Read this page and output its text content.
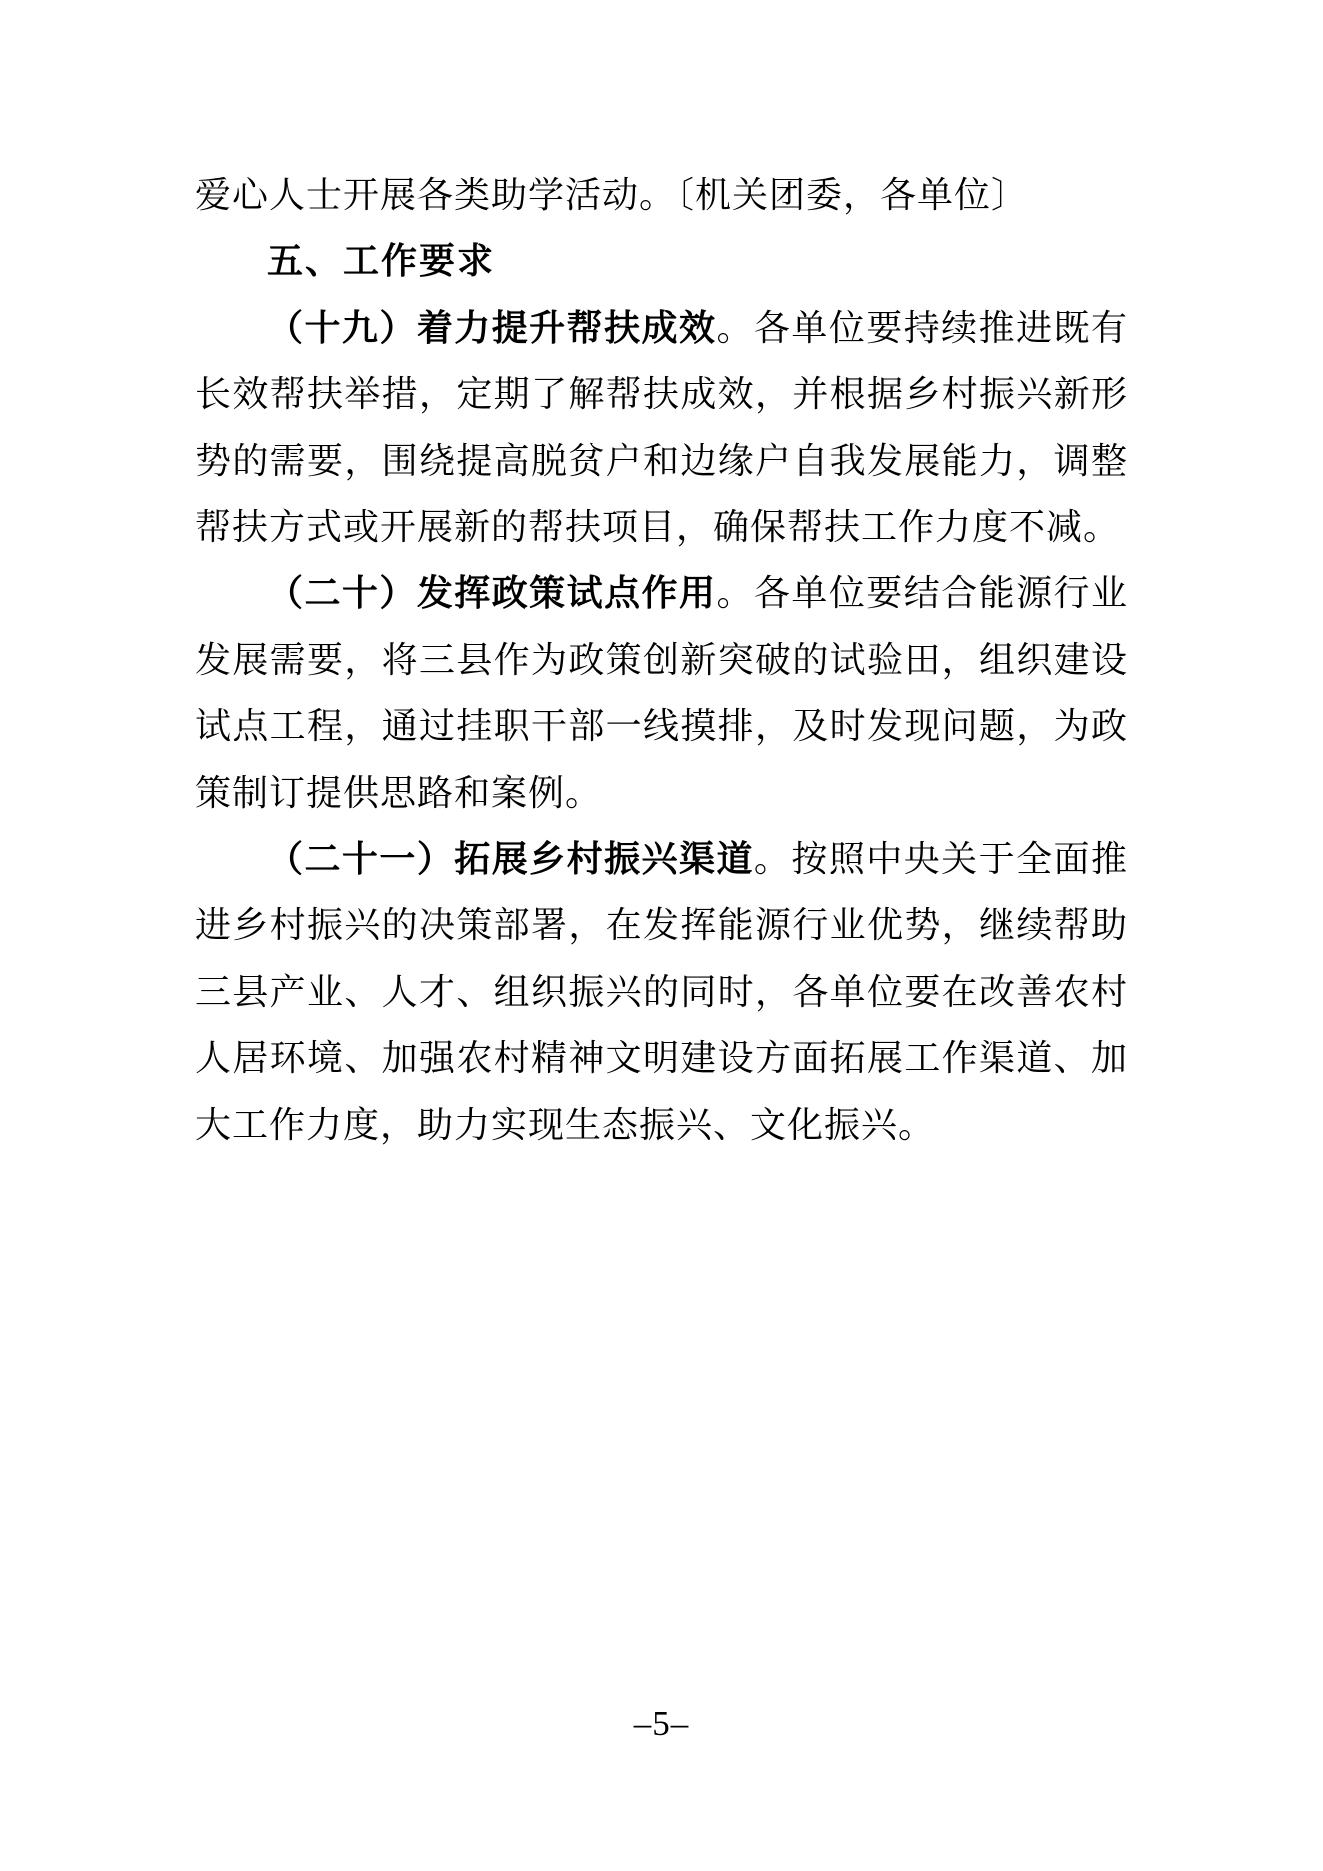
爱心人士开展各类助学活动。〔机关团委，各单位〕

五、工作要求

（十九）着力提升帮扶成效。各单位要持续推进既有长效帮扶举措，定期了解帮扶成效，并根据乡村振兴新形势的需要，围绕提高脱贫户和边缘户自我发展能力，调整帮扶方式或开展新的帮扶项目，确保帮扶工作力度不减。

（二十）发挥政策试点作用。各单位要结合能源行业发展需要，将三县作为政策创新突破的试验田，组织建设试点工程，通过挂职干部一线摸排，及时发现问题，为政策制订提供思路和案例。

（二十一）拓展乡村振兴渠道。按照中央关于全面推进乡村振兴的决策部署，在发挥能源行业优势，继续帮助三县产业、人才、组织振兴的同时，各单位要在改善农村人居环境、加强农村精神文明建设方面拓展工作渠道、加大工作力度，助力实现生态振兴、文化振兴。

–5–
